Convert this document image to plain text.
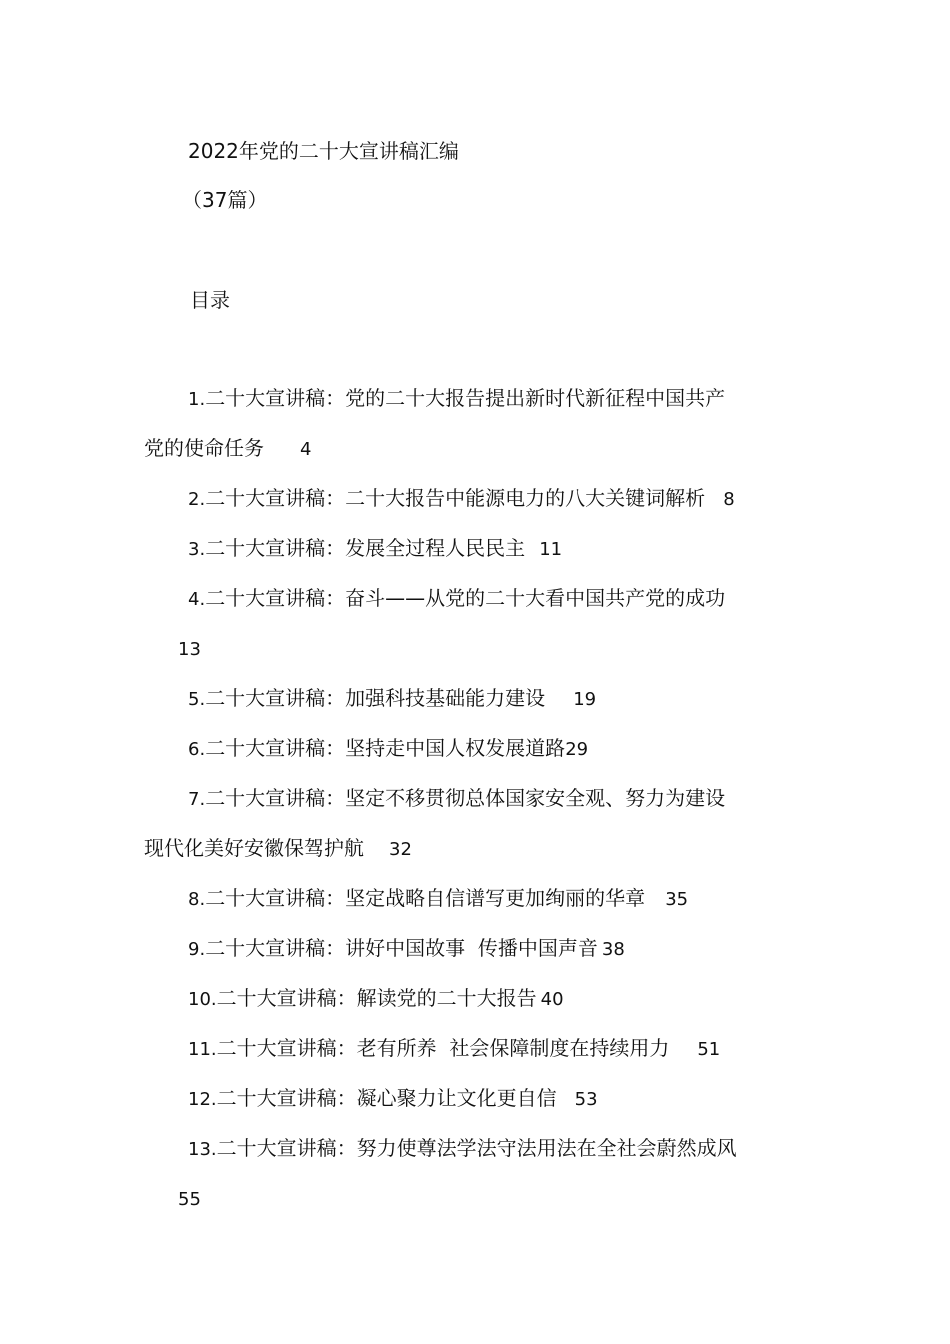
2022年党的二十大宣讲稿汇编
（37篇）
目录
1.二十大宣讲稿：党的二十大报告提出新时代新征程中国共产
党的使命任务 4
2.二十大宣讲稿：二十大报告中能源电力的八大关键词解析 8
3.二十大宣讲稿：发展全过程人民民主 11
4.二十大宣讲稿：奋斗——从党的二十大看中国共产党的成功
13
5.二十大宣讲稿：加强科技基础能力建设 19
6.二十大宣讲稿：坚持走中国人权发展道路29
7.二十大宣讲稿：坚定不移贯彻总体国家安全观、努力为建设
现代化美好安徽保驾护航 32
8.二十大宣讲稿：坚定战略自信谱写更加绚丽的华章 35
9.二十大宣讲稿：讲好中国故事  传播中国声音 38
10.二十大宣讲稿：解读党的二十大报告 40
11.二十大宣讲稿：老有所养  社会保障制度在持续用力 51
12.二十大宣讲稿：凝心聚力让文化更自信 53
13.二十大宣讲稿：努力使尊法学法守法用法在全社会蔚然成风
55
